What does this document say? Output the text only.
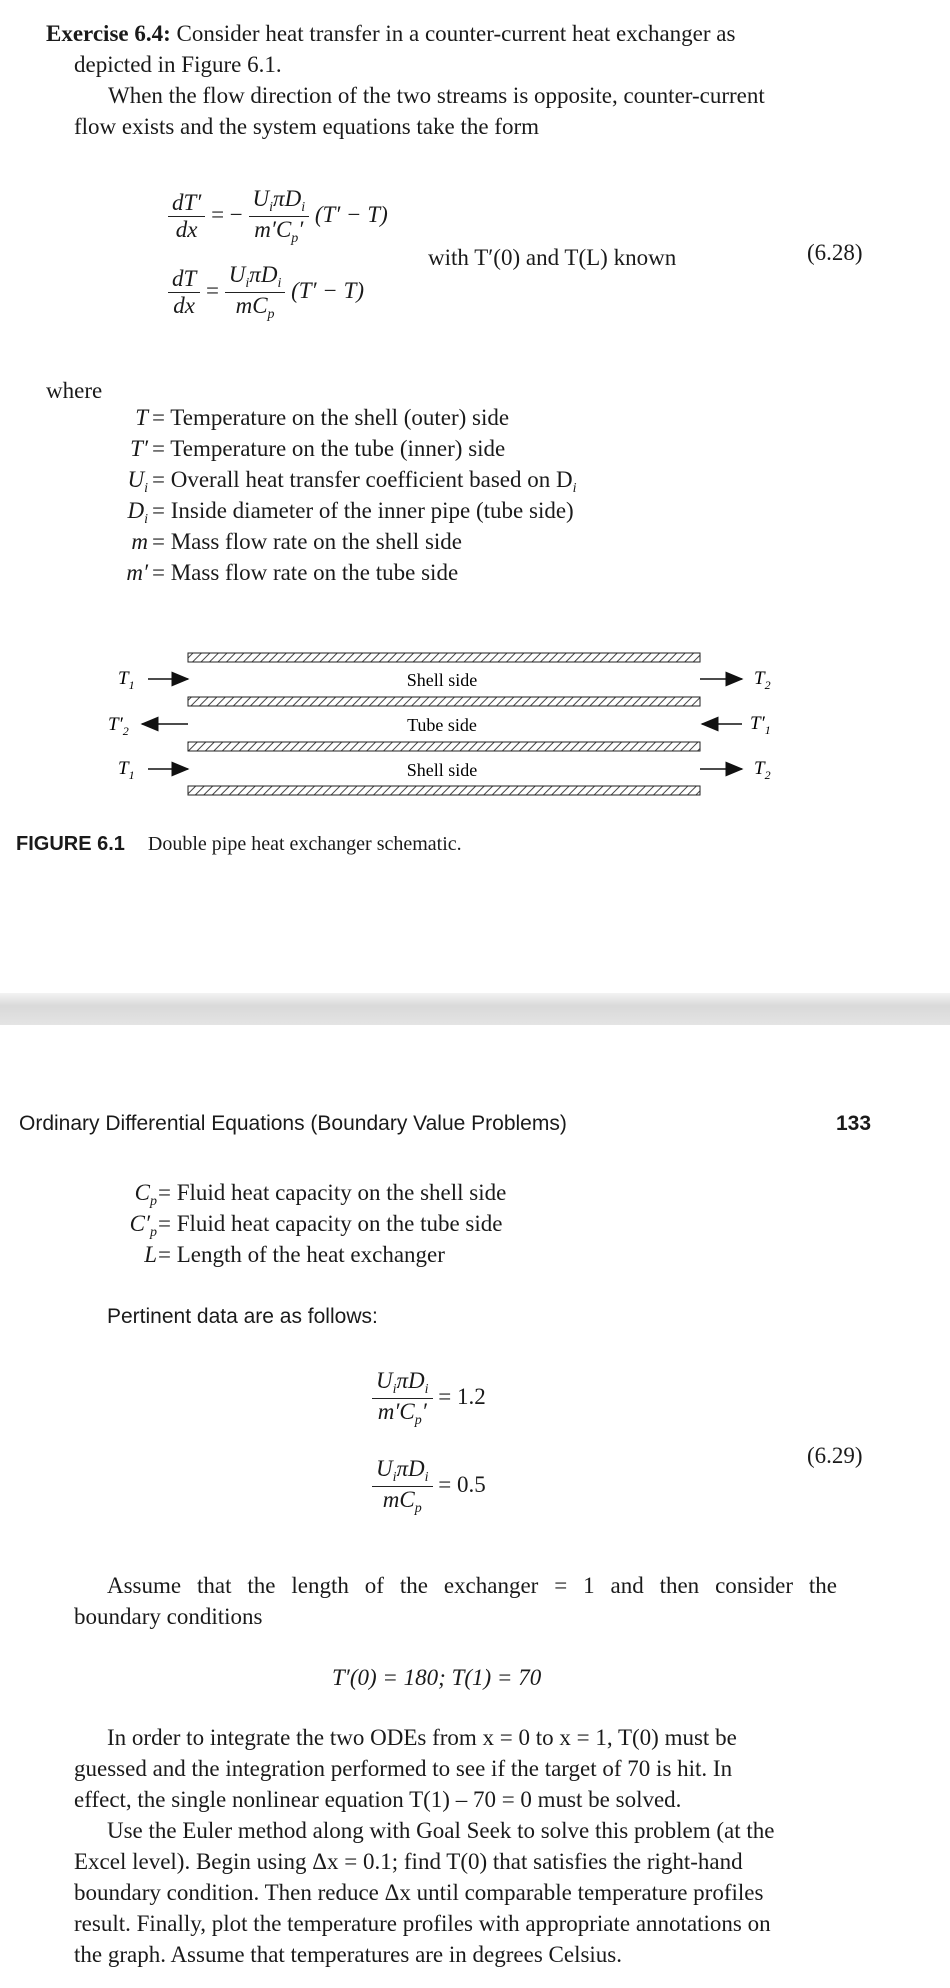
Exercise 6.4: Consider heat transfer in a counter-current heat exchanger as
depicted in Figure 6.1.
When the flow direction of the two streams is opposite, counter-current
flow exists and the system equations take the form
$\frac{dT'}{dx}$ = − $\frac{U_i\pi D_i}{m'C_p'} (T' - T)$
$\frac{dT}{dx} = \frac{U_i\pi D_i}{mC_p} (T' - T)$
with T′(0) and T(L) known	(6.28)
where
T = Temperature on the shell (outer) side
T′ = Temperature on the tube (inner) side
$U_i$ = Overall heat transfer coefficient based on $D_i$
$D_i$ = Inside diameter of the inner pipe (tube side)
m = Mass flow rate on the shell side
m′ = Mass flow rate on the tube side
Shell side
$T_1$	$T_2$
Tube side
$T'_2$	$T'_1$
Shell side
$T_1$	$T_2$
FIGURE 6.1 Double pipe heat exchanger schematic.
Ordinary Differential Equations (Boundary Value Problems)	133
$C_p$ = Fluid heat capacity on the shell side
$C'_p$ = Fluid heat capacity on the tube side
L = Length of the heat exchanger
Pertinent data are as follows:
$\frac{U_i\pi D_i}{m'C_p'} = 1.2$
$\frac{U_i\pi D_i}{mC_p} = 0.5$
(6.29)
Assume that the length of the exchanger = 1 and then consider the
boundary conditions
T′(0) = 180; T(1) = 70
In order to integrate the two ODEs from x = 0 to x = 1, T(0) must be
guessed and the integration performed to see if the target of 70 is hit. In
effect, the single nonlinear equation T(1) – 70 = 0 must be solved.
Use the Euler method along with Goal Seek to solve this problem (at the
Excel level). Begin using Δx = 0.1; find T(0) that satisfies the right-hand
boundary condition. Then reduce Δx until comparable temperature profiles
result. Finally, plot the temperature profiles with appropriate annotations on
the graph. Assume that temperatures are in degrees Celsius.
